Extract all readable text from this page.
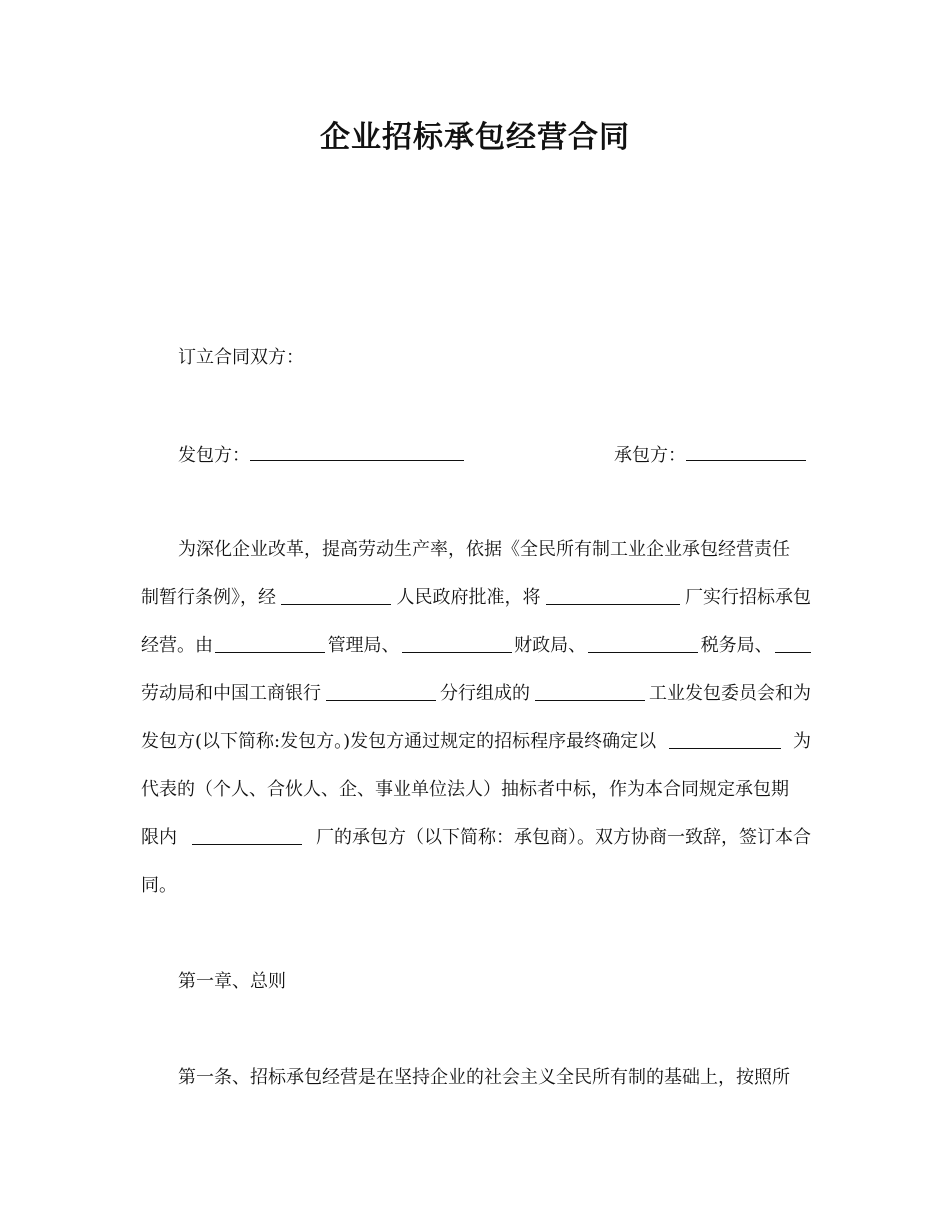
企业招标承包经营合同
订立合同双方：
发包方：	承包方：
为深化企业改革，提高劳动生产率，依据《全民所有制工业企业承包经营责任
制暂行条例》，经	人民政府批准，将	厂实行招标承包
经营。由	管理局、	财政局、	税务局、
劳动局和中国工商银行	分行组成的	工业发包委员会和为
发包方(以下简称:发包方。)发包方通过规定的招标程序最终确定以	为
代表的（个人、合伙人、企、事业单位法人）抽标者中标，作为本合同规定承包期
限内	厂的承包方（以下简称：承包商）。双方协商一致辞，签订本合
同。
第一章、总则
第一条、招标承包经营是在坚持企业的社会主义全民所有制的基础上，按照所
